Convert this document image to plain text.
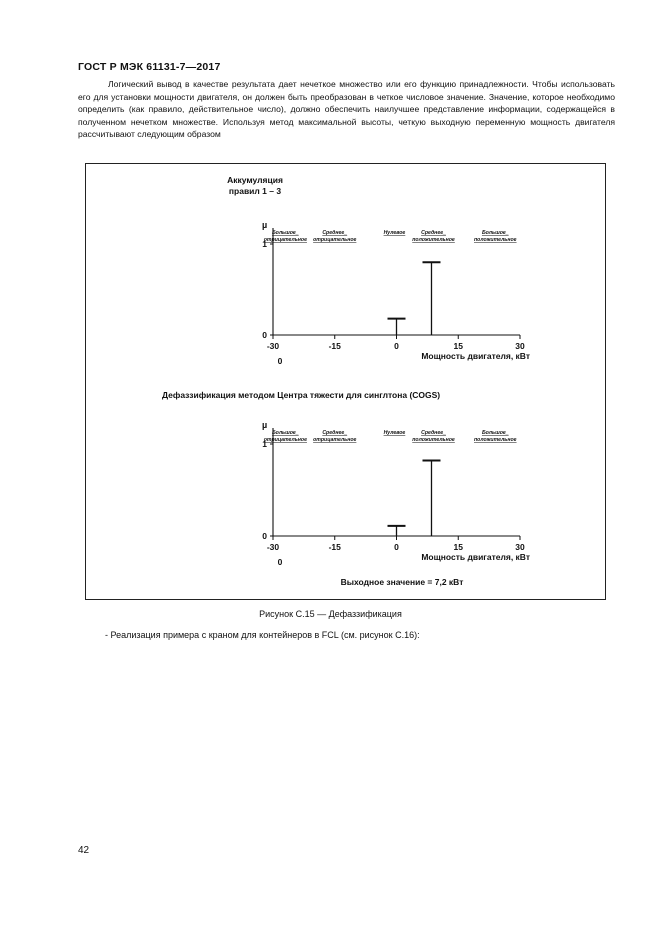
ГОСТ Р МЭК 61131-7—2017

Логический вывод в качестве результата дает нечеткое множество или его функцию принадлежности. Чтобы использовать его для установки мощности двигателя, он должен быть преобразован в четкое числовое значение. Значение, которое необходимо определить (как правило, действительное число), должно обеспечить наилучшее представление информации, содержащейся в полученном нечетком множестве. Используя метод максимальной высоты, четкую выходную переменную мощность двигателя рассчитывают следующим образом

Аккумуляция
правил 1 – 3
Дефаззификация методом Центра тяжести для синглтона (COGS)
Выходное значение = 7,2 кВт
µ
0
1
-30	-15	0	15	30
0	Мощность двигателя, кВт
Большое_
отрицательное
Среднее_
отрицательное
Нулевое	Среднее_
положительное
Большое_
положительное
µ
0
1
-30	-15	0	15	30
0	Мощность двигателя, кВт
Большое_
отрицательное
Среднее_
отрицательное
Нулевое	Среднее_
положительное
Большое_
положительное
Рисунок С.15 — Дефаззификация
- Реализация примера с краном для контейнеров в FCL (см. рисунок С.16):
42
